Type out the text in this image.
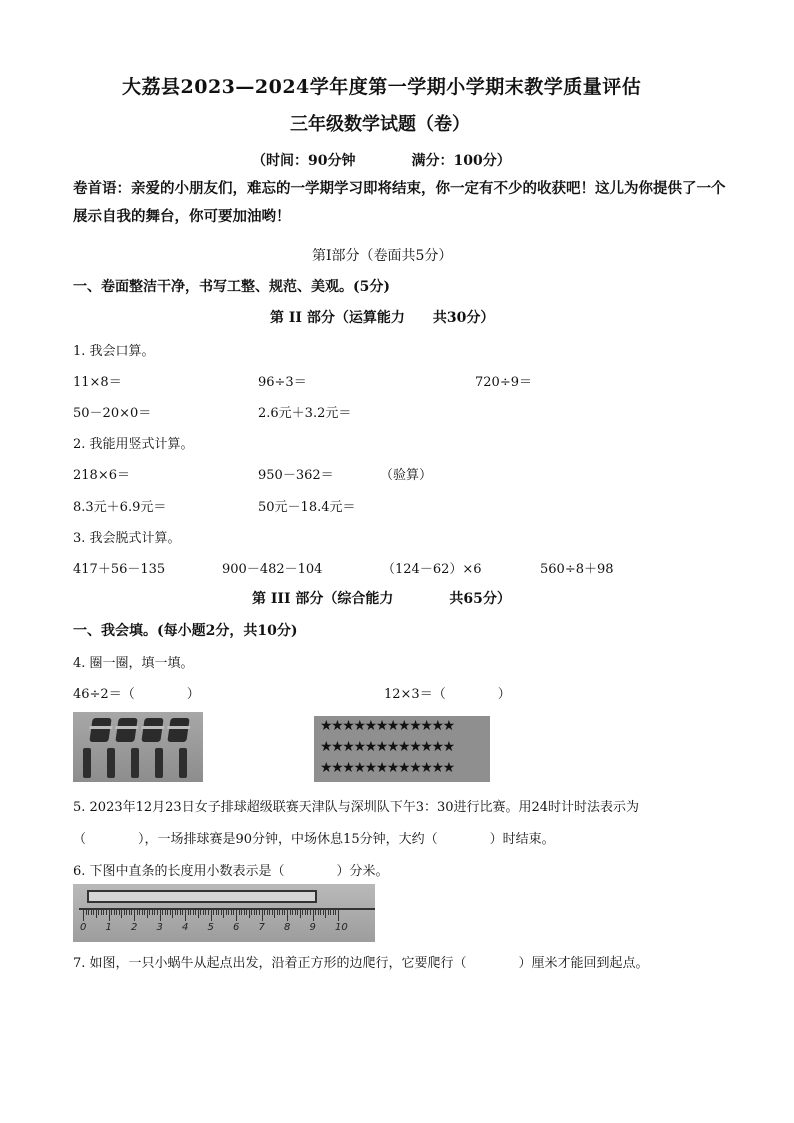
大荔县2023—2024学年度第一学期小学期末教学质量评估
三年级数学试题（卷）
（时间：90分钟　　　　满分：100分）
卷首语：亲爱的小朋友们，难忘的一学期学习即将结束，你一定有不少的收获吧！这儿为你提供了一个展示自我的舞台，你可要加油哟！
第Ⅰ部分（卷面共5分）
一、卷面整洁干净，书写工整、规范、美观。(5分)
第 II 部分（运算能力　　共30分）
1. 我会口算。
11×8＝	96÷3＝	720÷9＝
50－20×0＝	2.6元＋3.2元＝
2. 我能用竖式计算。
218×6＝	950－362＝	（验算）
8.3元＋6.9元＝	50元－18.4元＝
3. 我会脱式计算。
417＋56－135	900－482－104	（124－62）×6	560÷8＋98
第 III 部分（综合能力　　　　共65分）
一、我会填。(每小题2分，共10分)
4. 圈一圈，填一填。
46÷2＝（　　　　）	12×3＝（　　　　）
★★★★★★★★★★★★
★★★★★★★★★★★★
★★★★★★★★★★★★
5. 2023年12月23日女子排球超级联赛天津队与深圳队下午3：30进行比赛。用24时计时法表示为
（　　　　），一场排球赛是90分钟，中场休息15分钟，大约（　　　　）时结束。
6. 下图中直条的长度用小数表示是（　　　　）分米。
0 1 2 3 4 5 6 7 8 9 10
7. 如图，一只小蜗牛从起点出发，沿着正方形的边爬行，它要爬行（　　　　）厘米才能回到起点。
